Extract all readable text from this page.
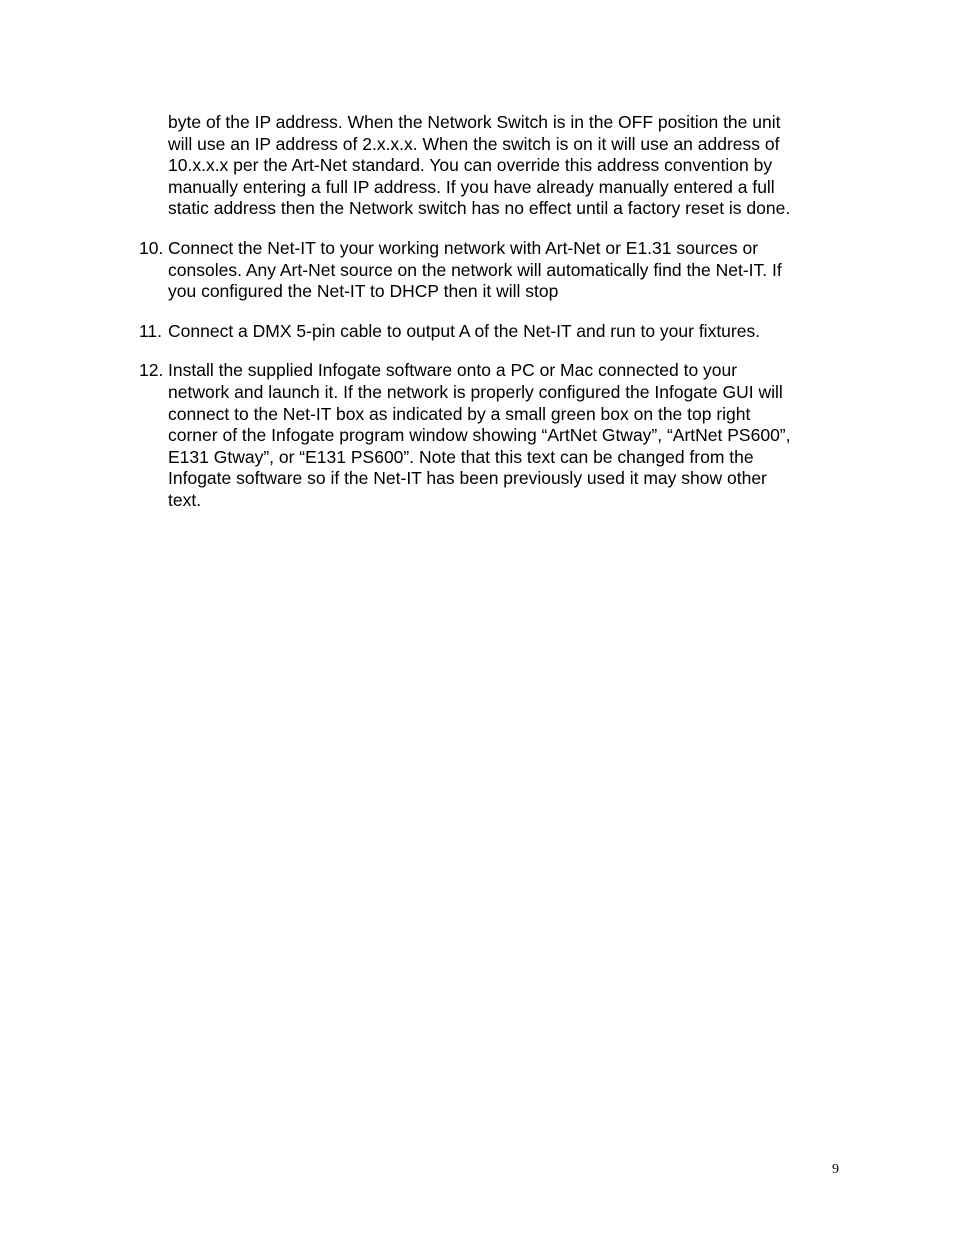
byte of the IP address. When the Network Switch is in the OFF position the unit
will use an IP address of 2.x.x.x. When the switch is on it will use an address of
10.x.x.x per the Art-Net standard. You can override this address convention by
manually entering a full IP address. If you have already manually entered a full
static address then the Network switch has no effect until a factory reset is done.
10. Connect the Net-IT to your working network with Art-Net or E1.31 sources or
consoles. Any Art-Net source on the network will automatically find the Net-IT. If
you configured the Net-IT to DHCP then it will stop
11. Connect a DMX 5-pin cable to output A of the Net-IT and run to your fixtures.
12. Install the supplied Infogate software onto a PC or Mac connected to your
network and launch it. If the network is properly configured the Infogate GUI will
connect to the Net-IT box as indicated by a small green box on the top right
corner of the Infogate program window showing “ArtNet Gtway”, “ArtNet PS600”,
E131 Gtway”, or “E131 PS600”. Note that this text can be changed from the
Infogate software so if the Net-IT has been previously used it may show other
text.
9
